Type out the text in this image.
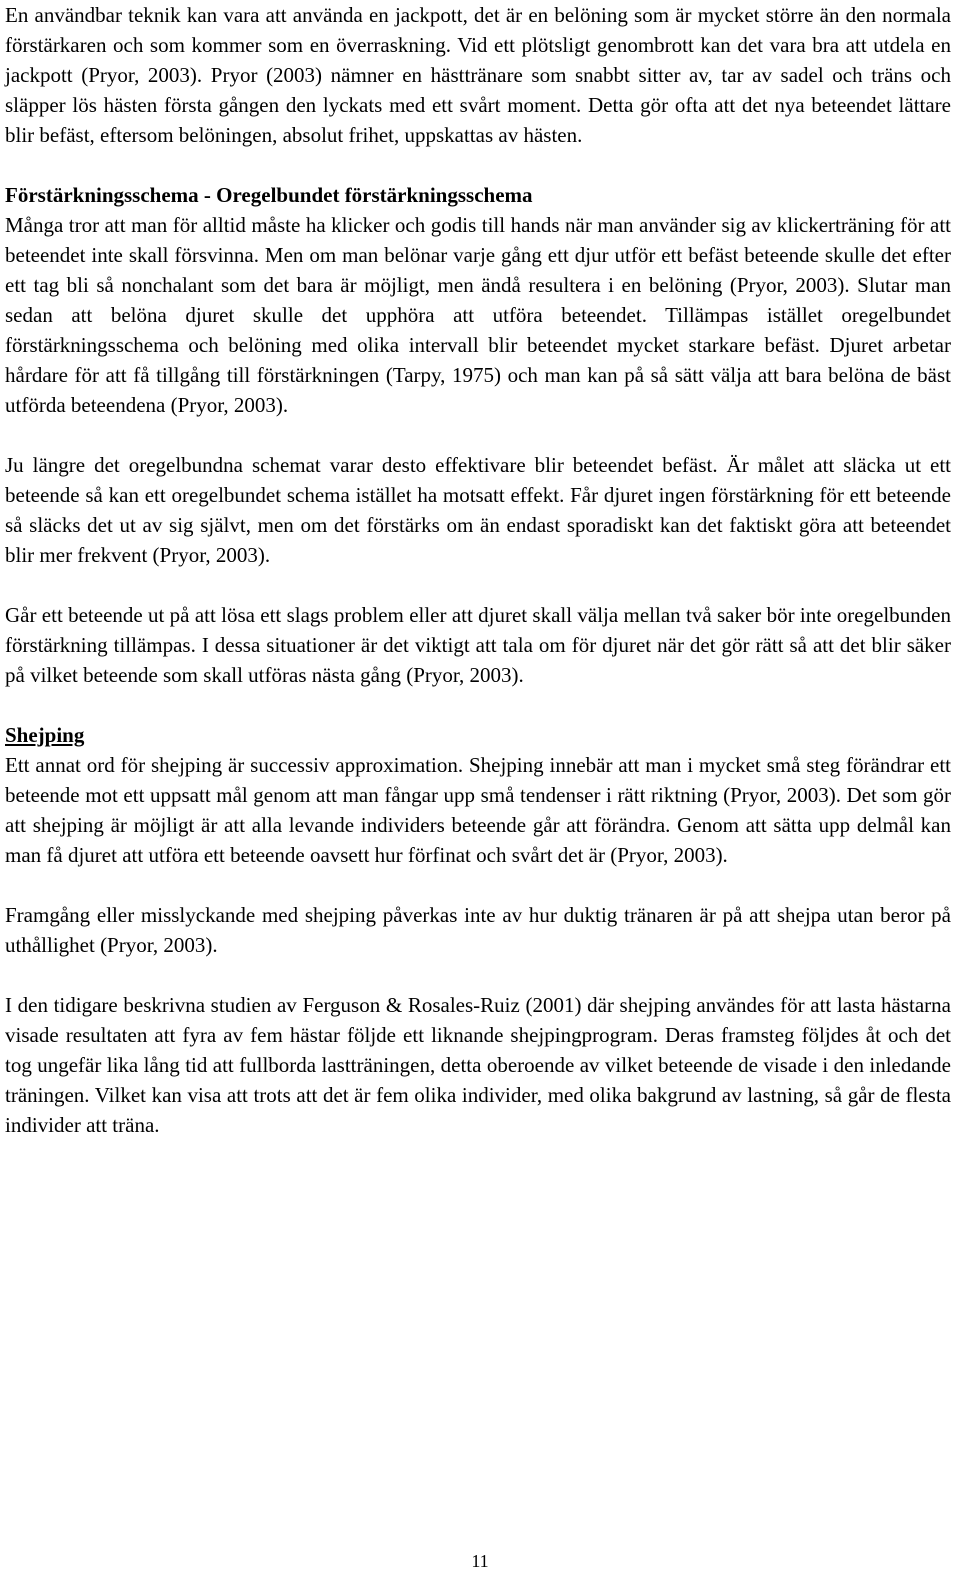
En användbar teknik kan vara att använda en jackpott, det är en belöning som är mycket större än den normala förstärkaren och som kommer som en överraskning. Vid ett plötsligt genombrott kan det vara bra att utdela en jackpott (Pryor, 2003). Pryor (2003) nämner en hästtränare som snabbt sitter av, tar av sadel och träns och släpper lös hästen första gången den lyckats med ett svårt moment. Detta gör ofta att det nya beteendet lättare blir befäst, eftersom belöningen, absolut frihet, uppskattas av hästen.

Förstärkningsschema - Oregelbundet förstärkningsschema

Många tror att man för alltid måste ha klicker och godis till hands när man använder sig av klickerträning för att beteendet inte skall försvinna. Men om man belönar varje gång ett djur utför ett befäst beteende skulle det efter ett tag bli så nonchalant som det bara är möjligt, men ändå resultera i en belöning (Pryor, 2003). Slutar man sedan att belöna djuret skulle det upphöra att utföra beteendet. Tillämpas istället oregelbundet förstärkningsschema och belöning med olika intervall blir beteendet mycket starkare befäst. Djuret arbetar hårdare för att få tillgång till förstärkningen (Tarpy, 1975) och man kan på så sätt välja att bara belöna de bäst utförda beteendena (Pryor, 2003).

Ju längre det oregelbundna schemat varar desto effektivare blir beteendet befäst. Är målet att släcka ut ett beteende så kan ett oregelbundet schema istället ha motsatt effekt. Får djuret ingen förstärkning för ett beteende så släcks det ut av sig självt, men om det förstärks om än endast sporadiskt kan det faktiskt göra att beteendet blir mer frekvent (Pryor, 2003).

Går ett beteende ut på att lösa ett slags problem eller att djuret skall välja mellan två saker bör inte oregelbunden förstärkning tillämpas. I dessa situationer är det viktigt att tala om för djuret när det gör rätt så att det blir säker på vilket beteende som skall utföras nästa gång (Pryor, 2003).

Shejping

Ett annat ord för shejping är successiv approximation. Shejping innebär att man i mycket små steg förändrar ett beteende mot ett uppsatt mål genom att man fångar upp små tendenser i rätt riktning (Pryor, 2003). Det som gör att shejping är möjligt är att alla levande individers beteende går att förändra. Genom att sätta upp delmål kan man få djuret att utföra ett beteende oavsett hur förfinat och svårt det är (Pryor, 2003).

Framgång eller misslyckande med shejping påverkas inte av hur duktig tränaren är på att shejpa utan beror på uthållighet (Pryor, 2003).

I den tidigare beskrivna studien av Ferguson & Rosales-Ruiz (2001) där shejping användes för att lasta hästarna visade resultaten att fyra av fem hästar följde ett liknande shejpingprogram. Deras framsteg följdes åt och det tog ungefär lika lång tid att fullborda lastträningen, detta oberoende av vilket beteende de visade i den inledande träningen. Vilket kan visa att trots att det är fem olika individer, med olika bakgrund av lastning, så går de flesta individer att träna.

11
